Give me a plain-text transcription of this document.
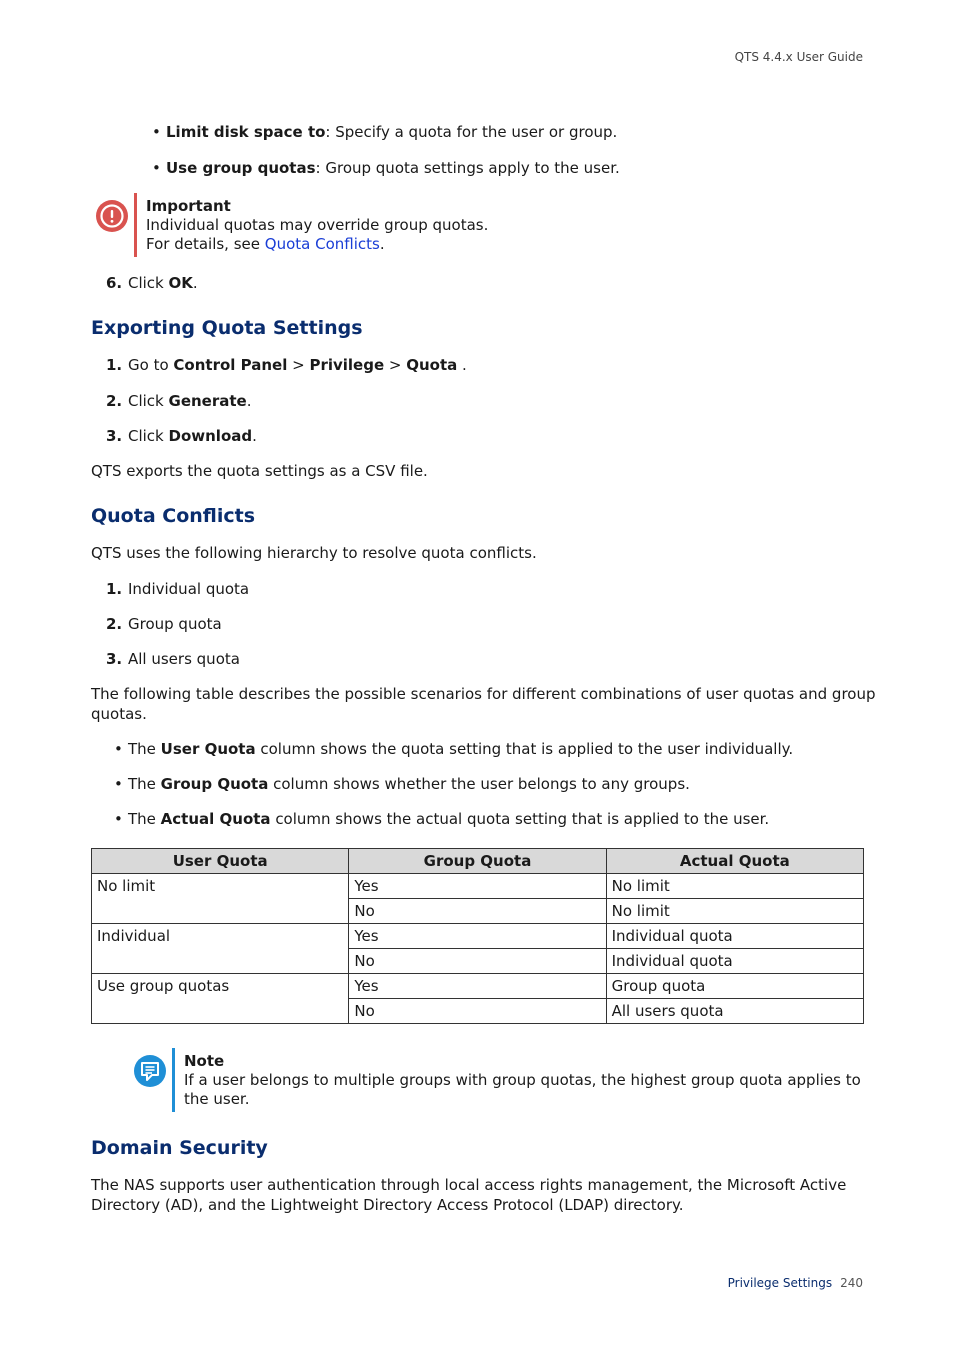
QTS 4.4.x User Guide
• Limit disk space to: Specify a quota for the user or group.
• Use group quotas: Group quota settings apply to the user.
Important
Individual quotas may override group quotas.
For details, see Quota Conflicts.
6. Click OK.
Exporting Quota Settings
1. Go to Control Panel > Privilege > Quota .
2. Click Generate.
3. Click Download.
QTS exports the quota settings as a CSV file.
Quota Conflicts
QTS uses the following hierarchy to resolve quota conflicts.
1. Individual quota
2. Group quota
3. All users quota
The following table describes the possible scenarios for different combinations of user quotas and group
quotas.
• The User Quota column shows the quota setting that is applied to the user individually.
• The Group Quota column shows whether the user belongs to any groups.
• The Actual Quota column shows the actual quota setting that is applied to the user.
User Quota	Group Quota	Actual Quota
No limit	Yes	No limit
	No	No limit
Individual	Yes	Individual quota
	No	Individual quota
Use group quotas	Yes	Group quota
	No	All users quota
Note
If a user belongs to multiple groups with group quotas, the highest group quota applies to
the user.
Domain Security
The NAS supports user authentication through local access rights management, the Microsoft Active
Directory (AD), and the Lightweight Directory Access Protocol (LDAP) directory.
Privilege Settings 240
